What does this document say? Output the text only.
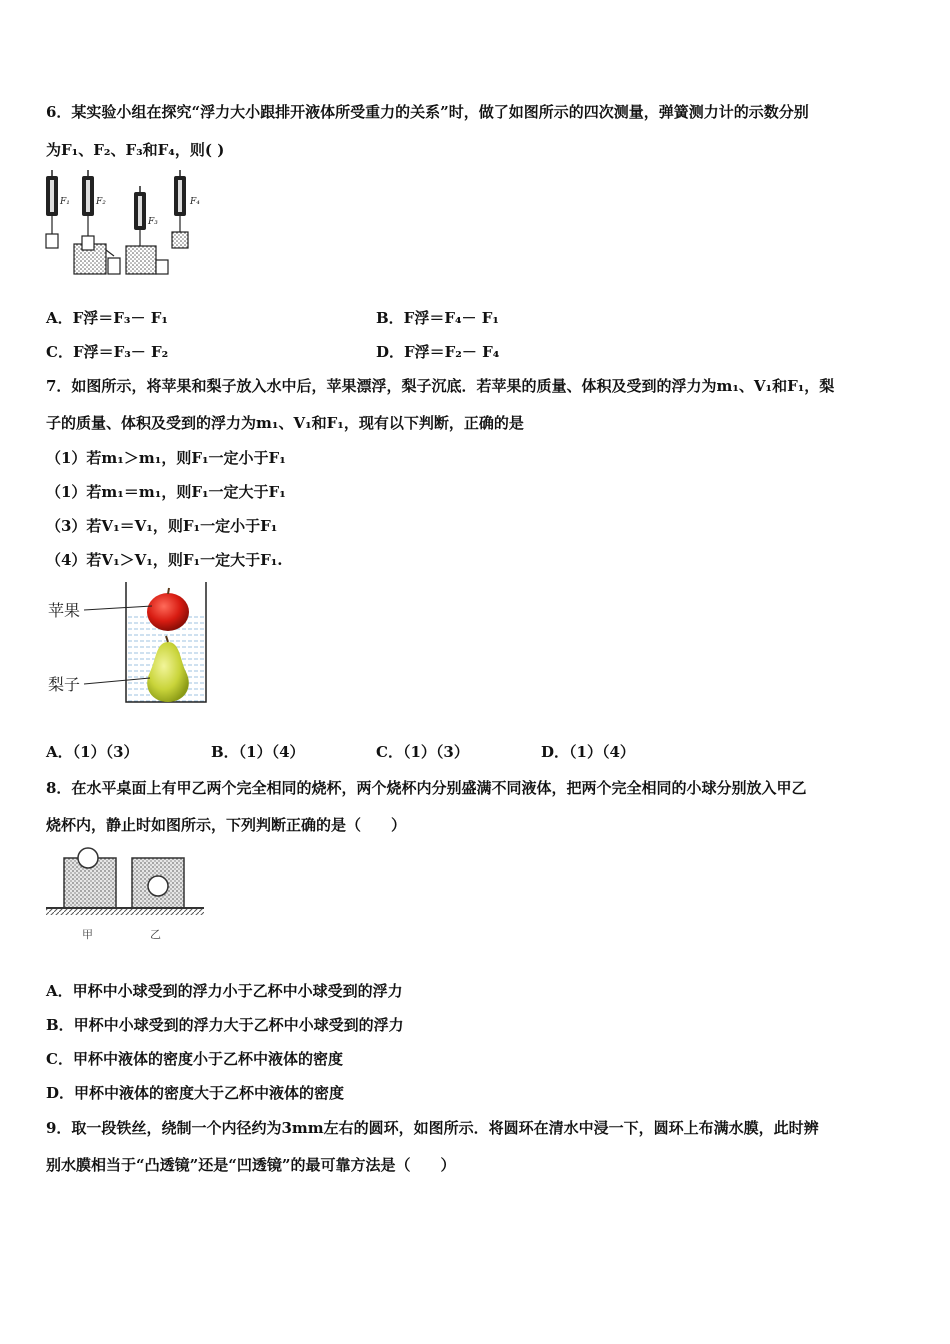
6．某实验小组在探究“浮力大小跟排开液体所受重力的关系”时，做了如图所示的四次测量，弹簧测力计的示数分别
为F₁、F₂、F₃和F₄，则( )
F₁	F₂
F₃
F₄
A．F浮＝F₃－ F₁	B．F浮＝F₄－ F₁
C．F浮＝F₃－ F₂	D．F浮＝F₂－ F₄
7．如图所示，将苹果和梨子放入水中后，苹果漂浮，梨子沉底．若苹果的质量、体积及受到的浮力为m₁、V₁和F₁，梨
子的质量、体积及受到的浮力为m₁、V₁和F₁，现有以下判断，正确的是
（1）若m₁＞m₁，则F₁一定小于F₁
（1）若m₁＝m₁，则F₁一定大于F₁
（3）若V₁＝V₁，则F₁一定小于F₁
（4）若V₁＞V₁，则F₁一定大于F₁.
苹果
梨子
A．（1）（3）	B．（1）（4）	C．（1）（3）	D．（1）（4）
8．在水平桌面上有甲乙两个完全相同的烧杯，两个烧杯内分别盛满不同液体，把两个完全相同的小球分别放入甲乙
烧杯内，静止时如图所示，下列判断正确的是（　　）
甲	乙
A．甲杯中小球受到的浮力小于乙杯中小球受到的浮力
B．甲杯中小球受到的浮力大于乙杯中小球受到的浮力
C．甲杯中液体的密度小于乙杯中液体的密度
D．甲杯中液体的密度大于乙杯中液体的密度
9．取一段铁丝，绕制一个内径约为3mm左右的圆环，如图所示．将圆环在清水中浸一下，圆环上布满水膜，此时辨
别水膜相当于“凸透镜”还是“凹透镜”的最可靠方法是（　　）
